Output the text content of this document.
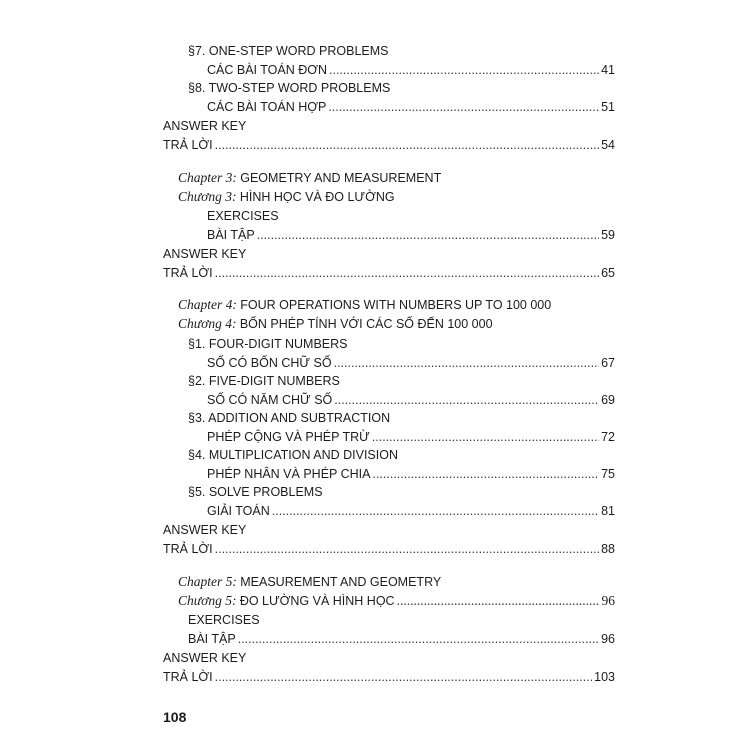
§7. ONE-STEP WORD PROBLEMS
CÁC BÀI TOÁN ĐƠN .....	41
§8. TWO-STEP WORD PROBLEMS
CÁC BÀI TOÁN HỢP .....	51
ANSWER KEY
TRẢ LỜI .....	54
Chapter 3: GEOMETRY AND MEASUREMENT
Chương 3: HÌNH HỌC VÀ ĐO LƯỜNG
EXERCISES
BÀI TẬP .....	59
ANSWER KEY
TRẢ LỜI .....	65
Chapter 4: FOUR OPERATIONS WITH NUMBERS UP TO 100 000
Chương 4: BỐN PHÉP TÍNH VỚI CÁC SỐ ĐẾN 100 000
§1. FOUR-DIGIT NUMBERS
SỐ CÓ BỐN CHỮ SỐ .....	67
§2. FIVE-DIGIT NUMBERS
SỐ CÓ NĂM CHỮ SỐ .....	69
§3. ADDITION AND SUBTRACTION
PHÉP CỘNG VÀ PHÉP TRỪ .....	72
§4. MULTIPLICATION AND DIVISION
PHÉP NHÂN VÀ PHÉP CHIA .....	75
§5. SOLVE PROBLEMS
GIẢI TOÁN .....	81
ANSWER KEY
TRẢ LỜI .....	88
Chapter 5: MEASUREMENT AND GEOMETRY
Chương 5: ĐO LƯỜNG VÀ HÌNH HỌC .....	96
EXERCISES
BÀI TẬP .....	96
ANSWER KEY
TRẢ LỜI .....	103
108
